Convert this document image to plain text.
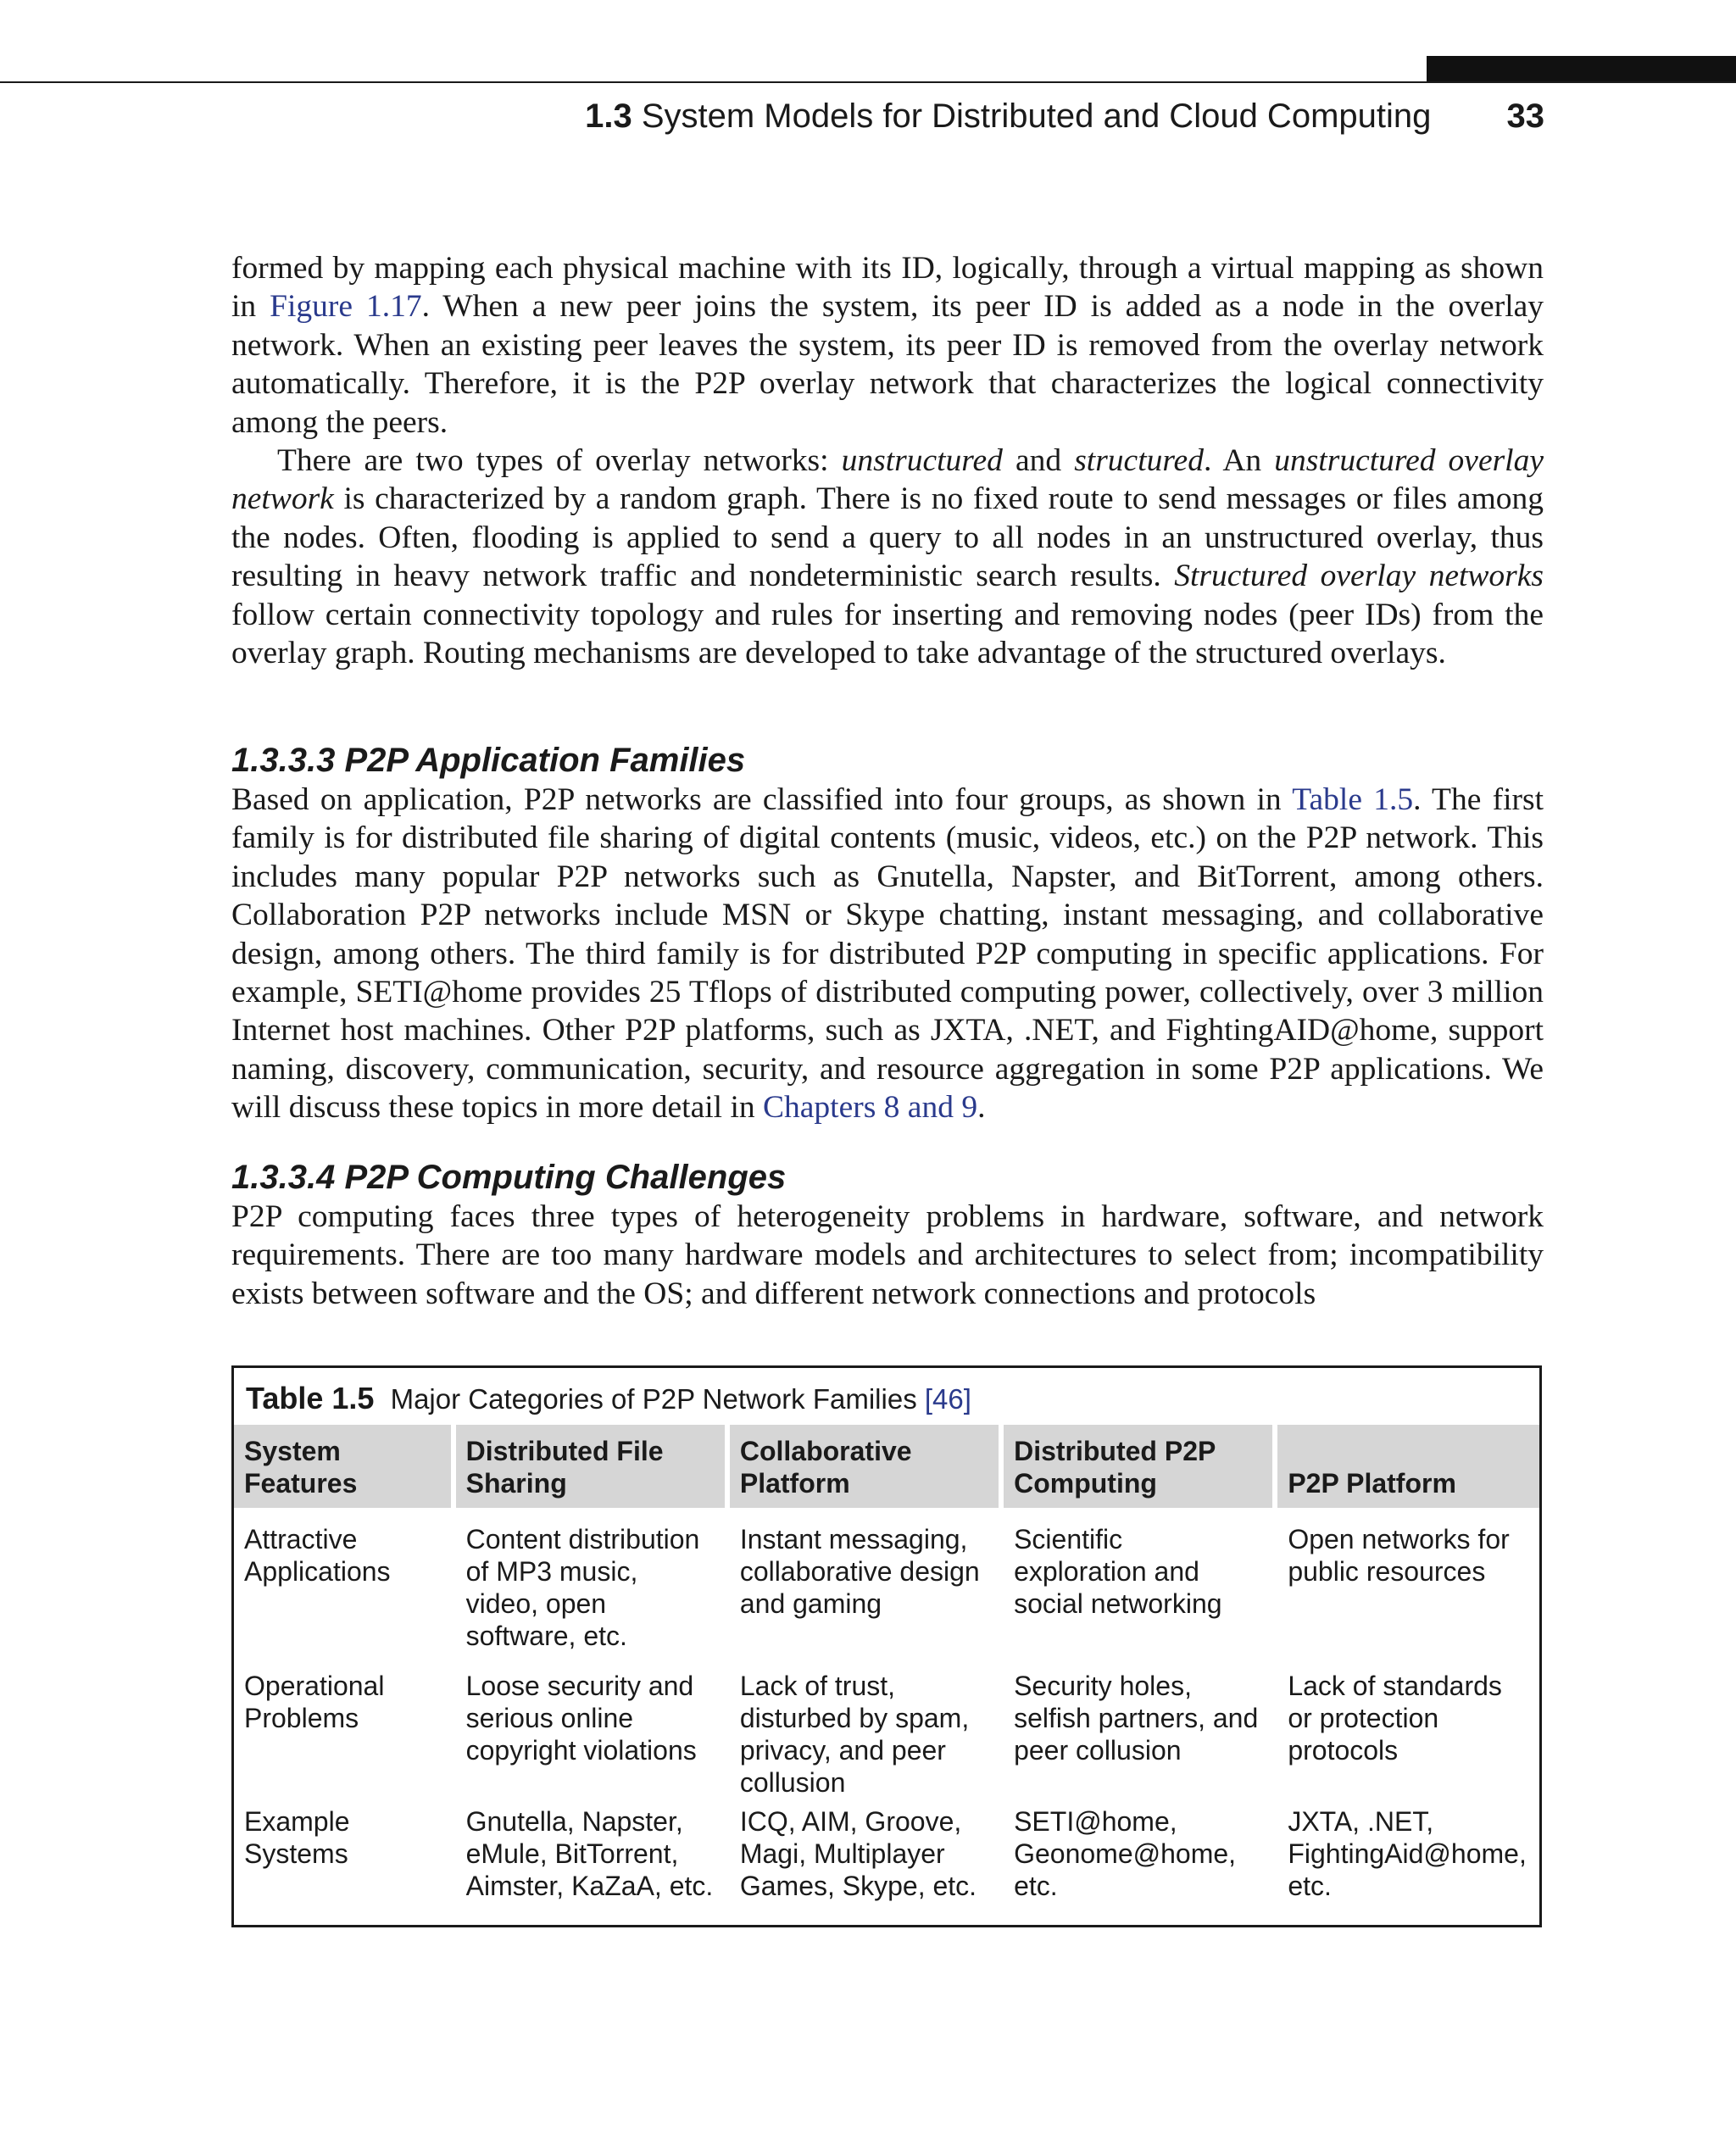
1.3 System Models for Distributed and Cloud Computing 33

formed by mapping each physical machine with its ID, logically, through a virtual mapping as shown in Figure 1.17. When a new peer joins the system, its peer ID is added as a node in the overlay network. When an existing peer leaves the system, its peer ID is removed from the overlay network automatically. Therefore, it is the P2P overlay network that characterizes the logical connectivity among the peers.

There are two types of overlay networks: unstructured and structured. An unstructured overlay network is characterized by a random graph. There is no fixed route to send messages or files among the nodes. Often, flooding is applied to send a query to all nodes in an unstructured overlay, thus resulting in heavy network traffic and nondeterministic search results. Structured overlay networks follow certain connectivity topology and rules for inserting and removing nodes (peer IDs) from the overlay graph. Routing mechanisms are developed to take advantage of the structured overlays.

1.3.3.3 P2P Application Families

Based on application, P2P networks are classified into four groups, as shown in Table 1.5. The first family is for distributed file sharing of digital contents (music, videos, etc.) on the P2P network. This includes many popular P2P networks such as Gnutella, Napster, and BitTorrent, among others. Collaboration P2P networks include MSN or Skype chatting, instant messaging, and collaborative design, among others. The third family is for distributed P2P computing in specific applications. For example, SETI@home provides 25 Tflops of distributed computing power, collectively, over 3 million Internet host machines. Other P2P platforms, such as JXTA, .NET, and FightingAID@home, support naming, discovery, communication, security, and resource aggregation in some P2P applications. We will discuss these topics in more detail in Chapters 8 and 9.

1.3.3.4 P2P Computing Challenges

P2P computing faces three types of heterogeneity problems in hardware, software, and network requirements. There are too many hardware models and architectures to select from; incompatibility exists between software and the OS; and different network connections and protocols

Table 1.5 Major Categories of P2P Network Families [46]
System Features	Distributed File Sharing	Collaborative Platform	Distributed P2P Computing	P2P Platform
Attractive Applications	Content distribution of MP3 music, video, open software, etc.	Instant messaging, collaborative design and gaming	Scientific exploration and social networking	Open networks for public resources
Operational Problems	Loose security and serious online copyright violations	Lack of trust, disturbed by spam, privacy, and peer collusion	Security holes, selfish partners, and peer collusion	Lack of standards or protection protocols
Example Systems	Gnutella, Napster, eMule, BitTorrent, Aimster, KaZaA, etc.	ICQ, AIM, Groove, Magi, Multiplayer Games, Skype, etc.	SETI@home, Geonome@home, etc.	JXTA, .NET, FightingAid@home, etc.
